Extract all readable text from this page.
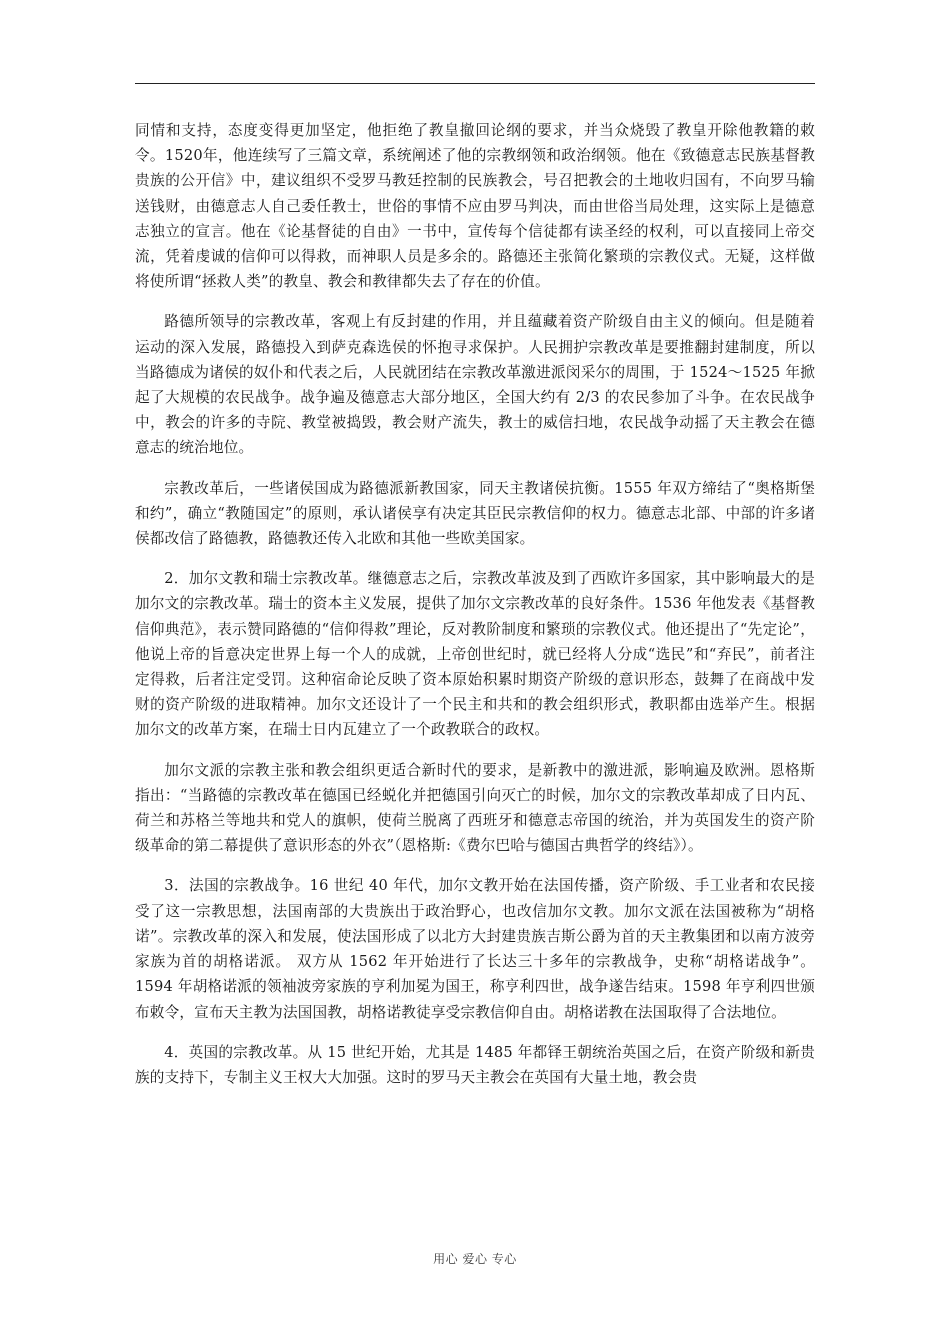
同情和支持，态度变得更加坚定，他拒绝了教皇撤回论纲的要求，并当众烧毁了教皇开除他教籍的敕令。1520年，他连续写了三篇文章，系统阐述了他的宗教纲领和政治纲领。他在《致德意志民族基督教贵族的公开信》中，建议组织不受罗马教廷控制的民族教会，号召把教会的土地收归国有，不向罗马输送钱财，由德意志人自己委任教士，世俗的事情不应由罗马判决，而由世俗当局处理，这实际上是德意志独立的宣言。他在《论基督徒的自由》一书中，宣传每个信徒都有读圣经的权利，可以直接同上帝交流，凭着虔诚的信仰可以得救，而神职人员是多余的。路德还主张简化繁琐的宗教仪式。无疑，这样做将使所谓“拯救人类”的教皇、教会和教律都失去了存在的价值。

路德所领导的宗教改革，客观上有反封建的作用，并且蕴藏着资产阶级自由主义的倾向。但是随着运动的深入发展，路德投入到萨克森选侯的怀抱寻求保护。人民拥护宗教改革是要推翻封建制度，所以当路德成为诸侯的奴仆和代表之后，人民就团结在宗教改革激进派闵采尔的周围，于 1524～1525 年掀起了大规模的农民战争。战争遍及德意志大部分地区，全国大约有 2/3 的农民参加了斗争。在农民战争中，教会的许多的寺院、教堂被捣毁，教会财产流失，教士的威信扫地，农民战争动摇了天主教会在德意志的统治地位。

宗教改革后，一些诸侯国成为路德派新教国家，同天主教诸侯抗衡。1555 年双方缔结了“奥格斯堡和约”，确立“教随国定”的原则，承认诸侯享有决定其臣民宗教信仰的权力。德意志北部、中部的许多诸侯都改信了路德教，路德教还传入北欧和其他一些欧美国家。

2．加尔文教和瑞士宗教改革。继德意志之后，宗教改革波及到了西欧许多国家，其中影响最大的是加尔文的宗教改革。瑞士的资本主义发展，提供了加尔文宗教改革的良好条件。1536 年他发表《基督教信仰典范》，表示赞同路德的“信仰得救”理论，反对教阶制度和繁琐的宗教仪式。他还提出了“先定论”，他说上帝的旨意决定世界上每一个人的成就，上帝创世纪时，就已经将人分成“选民”和“弃民”，前者注定得救，后者注定受罚。这种宿命论反映了资本原始积累时期资产阶级的意识形态，鼓舞了在商战中发财的资产阶级的进取精神。加尔文还设计了一个民主和共和的教会组织形式，教职都由选举产生。根据加尔文的改革方案，在瑞士日内瓦建立了一个政教联合的政权。

加尔文派的宗教主张和教会组织更适合新时代的要求，是新教中的激进派，影响遍及欧洲。恩格斯指出：“当路德的宗教改革在德国已经蜕化并把德国引向灭亡的时候，加尔文的宗教改革却成了日内瓦、荷兰和苏格兰等地共和党人的旗帜，使荷兰脱离了西班牙和德意志帝国的统治，并为英国发生的资产阶级革命的第二幕提供了意识形态的外衣”（恩格斯:《费尔巴哈与德国古典哲学的终结》）。

3．法国的宗教战争。16 世纪 40 年代，加尔文教开始在法国传播，资产阶级、手工业者和农民接受了这一宗教思想，法国南部的大贵族出于政治野心，也改信加尔文教。加尔文派在法国被称为“胡格诺”。宗教改革的深入和发展，使法国形成了以北方大封建贵族吉斯公爵为首的天主教集团和以南方波旁家族为首的胡格诺派。 双方从 1562 年开始进行了长达三十多年的宗教战争，史称“胡格诺战争”。1594 年胡格诺派的领袖波旁家族的亨利加冕为国王，称亨利四世，战争遂告结束。1598 年亨利四世颁布敕令，宣布天主教为法国国教，胡格诺教徒享受宗教信仰自由。胡格诺教在法国取得了合法地位。

4．英国的宗教改革。从 15 世纪开始，尤其是 1485 年都铎王朝统治英国之后，在资产阶级和新贵族的支持下，专制主义王权大大加强。这时的罗马天主教会在英国有大量土地，教会贵

用心 爱心 专心
